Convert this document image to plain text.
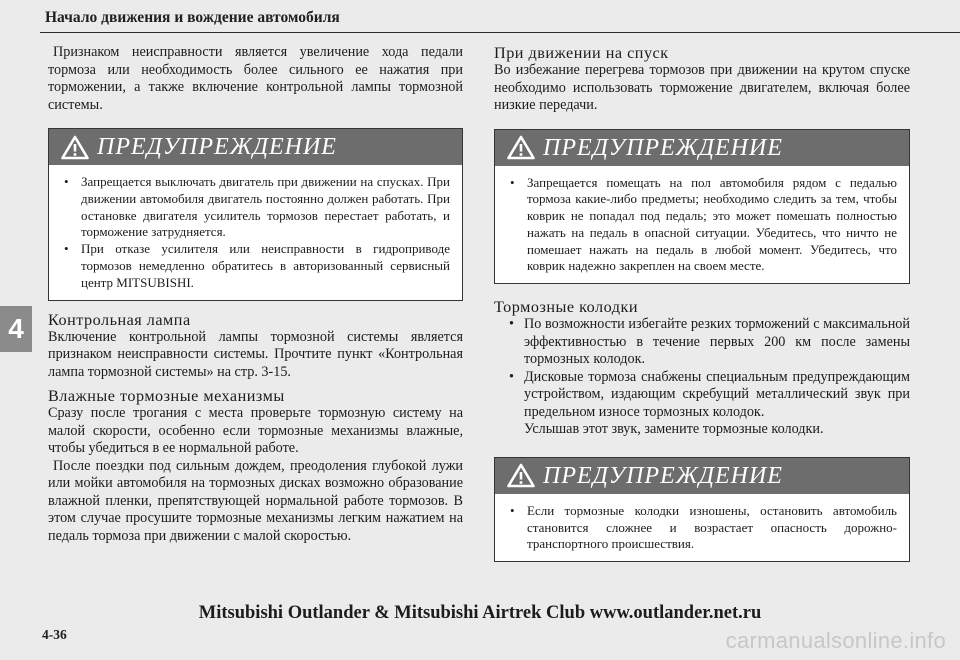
Начало движения и вождение автомобиля
4

Признаком неисправности является увеличение хода педали тормоза или необходимость более сильного ее нажатия при торможении, а также включение контрольной лампы тормозной системы.

ПРЕДУПРЕЖДЕНИЕ
• Запрещается выключать двигатель при движении на спусках. При движении автомобиля двигатель постоянно должен работать. При остановке двигателя усилитель тормозов перестает работать, и торможение затрудняется.
• При отказе усилителя или неисправности в гидроприводе тормозов немедленно обратитесь в авторизованный сервисный центр MITSUBISHI.
Контрольная лампа

Включение контрольной лампы тормозной системы является признаком неисправности системы. Прочтите пункт «Контрольная лампа тормозной системы» на стр. 3-15.

Влажные тормозные механизмы

Сразу после трогания с места проверьте тормозную систему на малой скорости, особенно если тормозные механизмы влажные, чтобы убедиться в ее нормальной работе.

После поездки под сильным дождем, преодоления глубокой лужи или мойки автомобиля на тормозных дисках возможно образование влажной пленки, препятствующей нормальной работе тормозов. В этом случае просушите тормозные механизмы легким нажатием на педаль тормоза при движении с малой скоростью.

При движении на спуск

Во избежание перегрева тормозов при движении на крутом спуске необходимо использовать торможение двигателем, включая более низкие передачи.

ПРЕДУПРЕЖДЕНИЕ
• Запрещается помещать на пол автомобиля рядом с педалью тормоза какие-либо предметы; необходимо следить за тем, чтобы коврик не попадал под педаль; это может помешать полностью нажать на педаль в опасной ситуации. Убедитесь, что ничто не помешает нажать на педаль в любой момент. Убедитесь, что коврик надежно закреплен на своем месте.
Тормозные колодки
• По возможности избегайте резких торможений с максимальной эффективностью в течение первых 200 км после замены тормозных колодок.
• Дисковые тормоза снабжены специальным предупреждающим устройством, издающим скребущий металлический звук при предельном износе тормозных колодок.

Услышав этот звук, замените тормозные колодки.

ПРЕДУПРЕЖДЕНИЕ
• Если тормозные колодки изношены, остановить автомобиль становится сложнее и возрастает опасность дорожно-транспортного происшествия.
Mitsubishi Outlander & Mitsubishi Airtrek Club www.outlander.net.ru
4-36	carmanualsonline.info
